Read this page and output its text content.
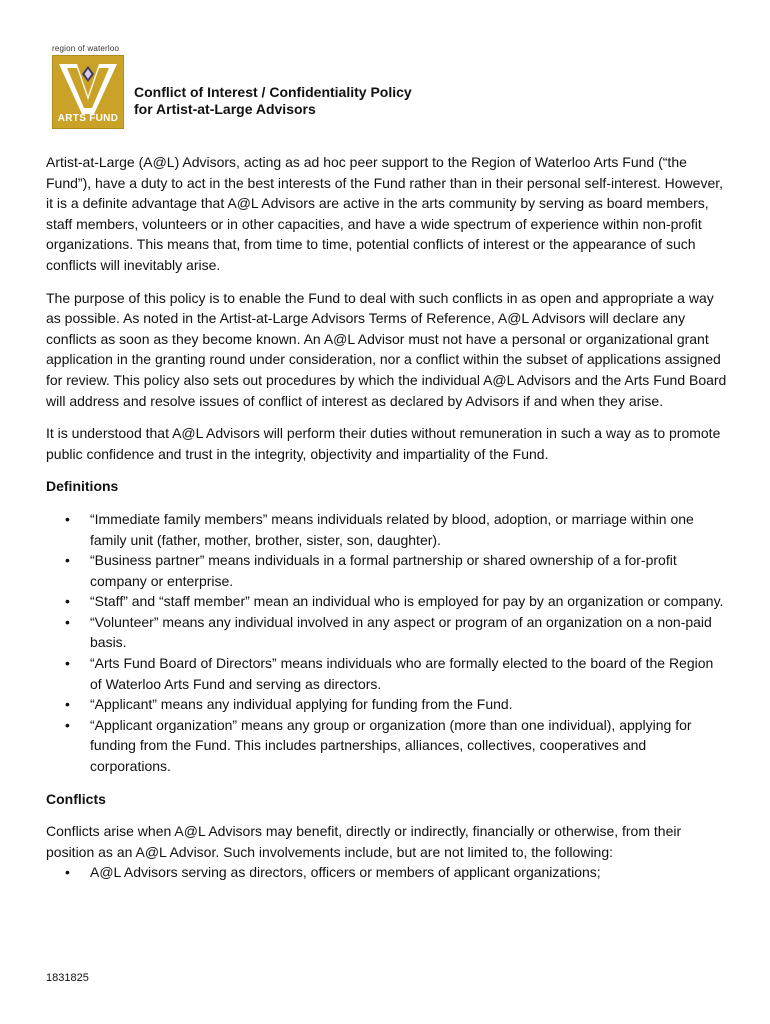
region of waterloo
ARTS FUND
Conflict of Interest / Confidentiality Policy
for Artist-at-Large Advisors

Artist-at-Large (A@L) Advisors, acting as ad hoc peer support to the Region of Waterloo Arts Fund (“the Fund”), have a duty to act in the best interests of the Fund rather than in their personal self-interest. However, it is a definite advantage that A@L Advisors are active in the arts community by serving as board members, staff members, volunteers or in other capacities, and have a wide spectrum of experience within non-profit organizations. This means that, from time to time, potential conflicts of interest or the appearance of such conflicts will inevitably arise.

The purpose of this policy is to enable the Fund to deal with such conflicts in as open and appropriate a way as possible. As noted in the Artist-at-Large Advisors Terms of Reference, A@L Advisors will declare any conflicts as soon as they become known. An A@L Advisor must not have a personal or organizational grant application in the granting round under consideration, nor a conflict within the subset of applications assigned for review. This policy also sets out procedures by which the individual A@L Advisors and the Arts Fund Board will address and resolve issues of conflict of interest as declared by Advisors if and when they arise.

It is understood that A@L Advisors will perform their duties without remuneration in such a way as to promote public confidence and trust in the integrity, objectivity and impartiality of the Fund.

Definitions
• “Immediate family members” means individuals related by blood, adoption, or marriage within one family unit (father, mother, brother, sister, son, daughter).
• “Business partner” means individuals in a formal partnership or shared ownership of a for-profit company or enterprise.
• “Staff” and “staff member” mean an individual who is employed for pay by an organization or company.
• “Volunteer” means any individual involved in any aspect or program of an organization on a non-paid basis.
• “Arts Fund Board of Directors” means individuals who are formally elected to the board of the Region of Waterloo Arts Fund and serving as directors.
• “Applicant” means any individual applying for funding from the Fund.
• “Applicant organization” means any group or organization (more than one individual), applying for funding from the Fund. This includes partnerships, alliances, collectives, cooperatives and corporations.
Conflicts

Conflicts arise when A@L Advisors may benefit, directly or indirectly, financially or otherwise, from their position as an A@L Advisor. Such involvements include, but are not limited to, the following:

• A@L Advisors serving as directors, officers or members of applicant organizations;
1831825
